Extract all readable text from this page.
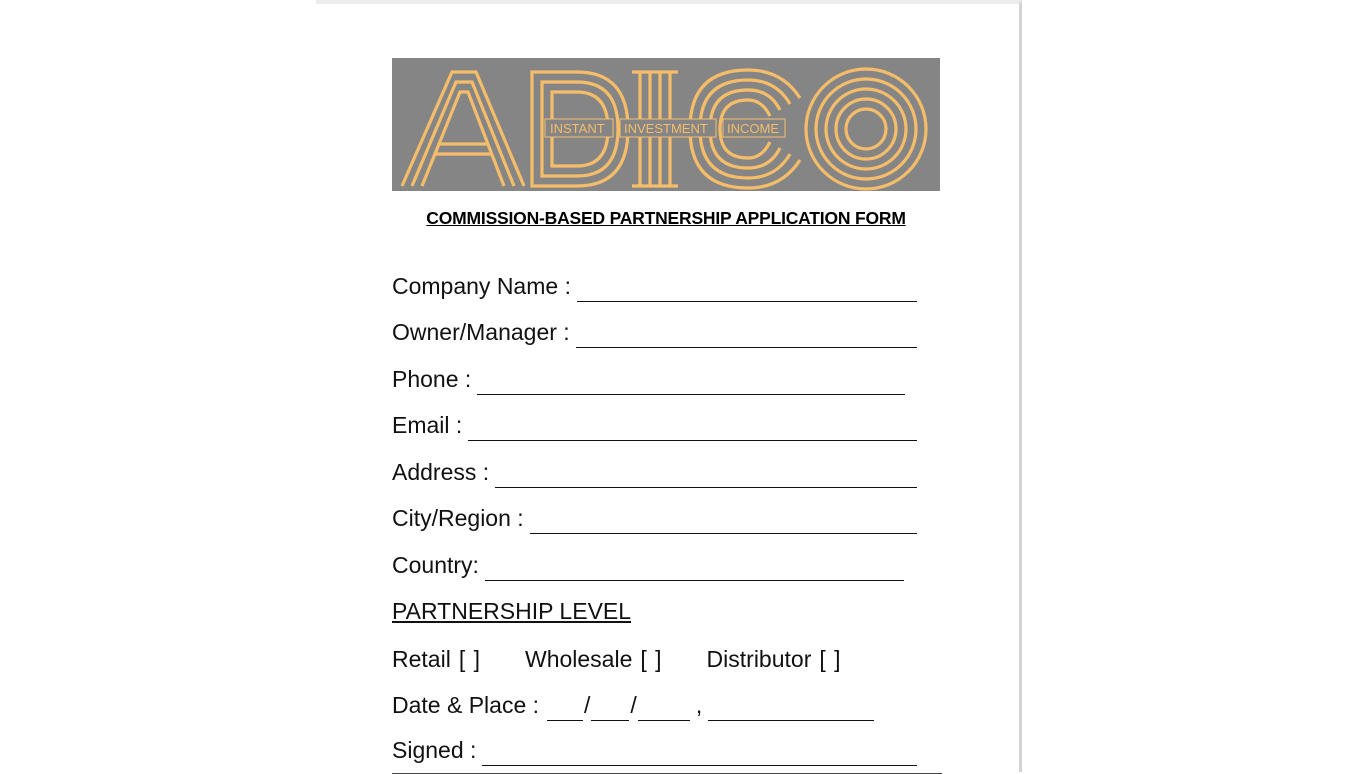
INSTANT INVESTMENT INCOME
COMMISSION-BASED PARTNERSHIP APPLICATION FORM
Company Name :
Owner/Manager :
Phone :
Email :
Address :
City/Region :
Country:
PARTNERSHIP LEVEL
Retail [ ] Wholesale [ ] Distributor [ ]
Date & Place : / /	,
Signed :
